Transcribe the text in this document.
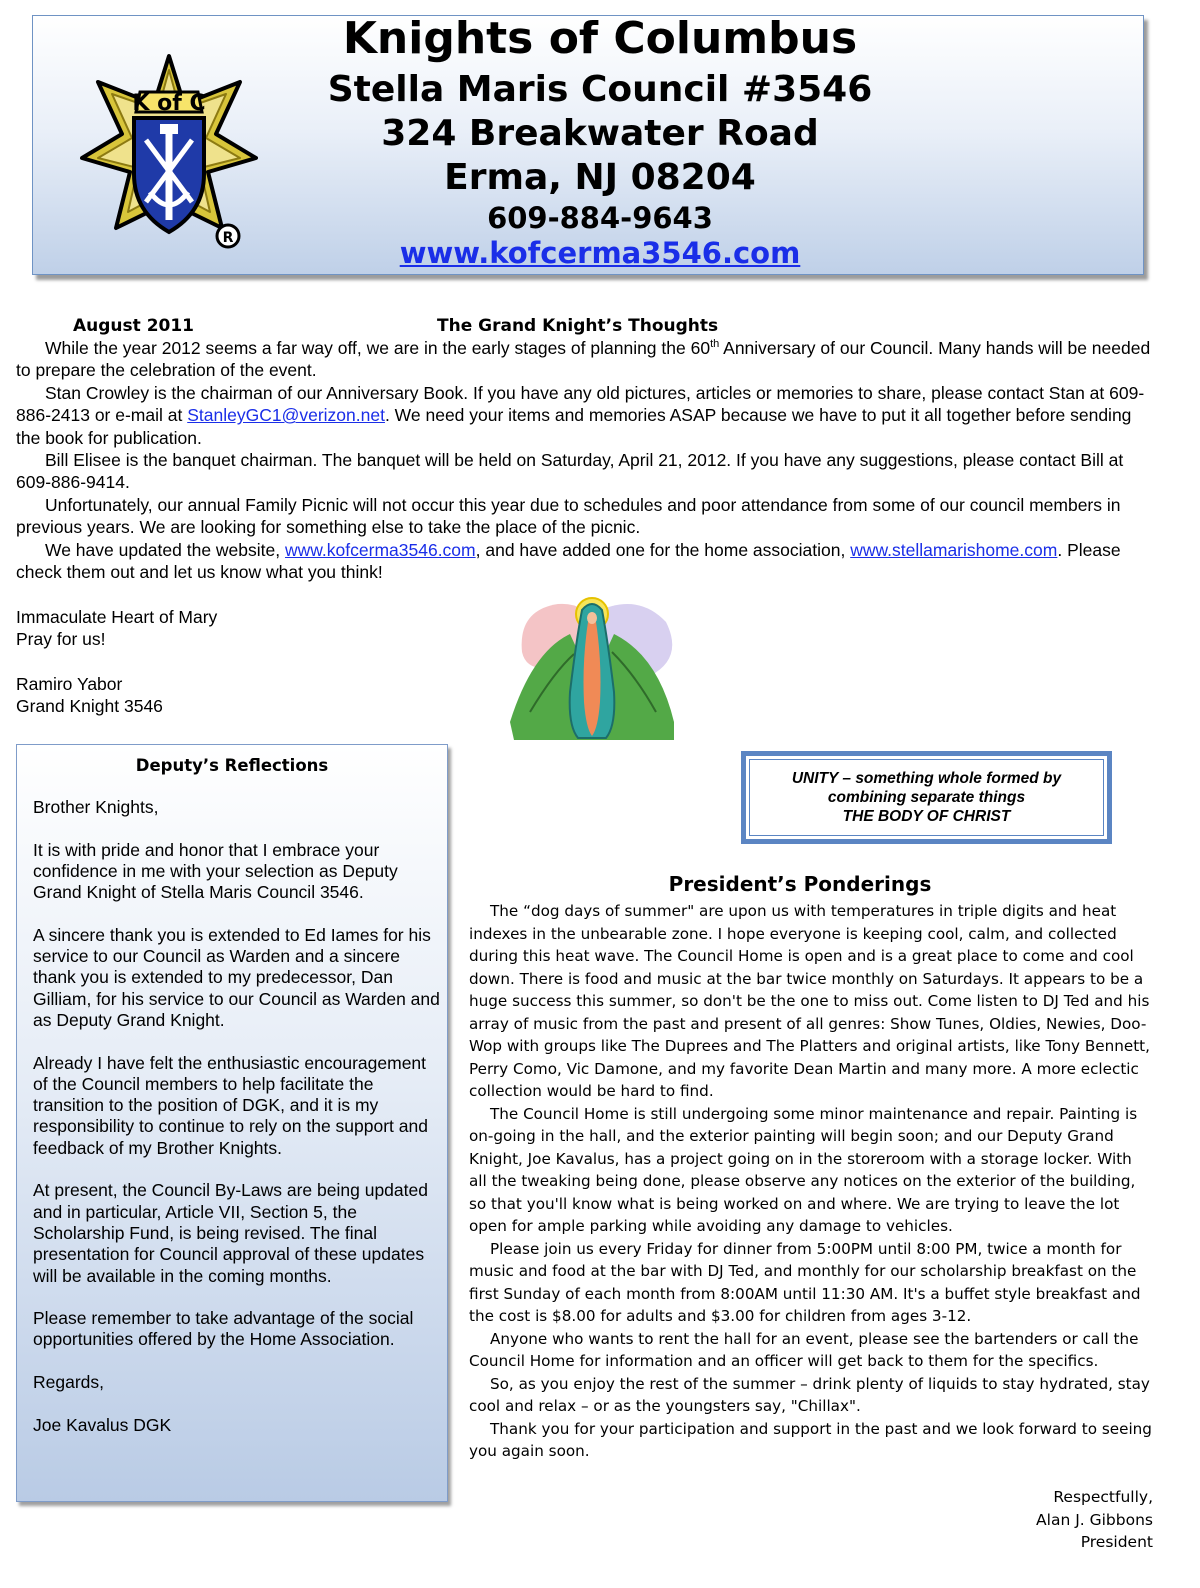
K of C
R
Knights of Columbus
Stella Maris Council #3546
324 Breakwater Road
Erma, NJ 08204
609-884-9643
www.kofcerma3546.com
August 2011	The Grand Knight’s Thoughts

While the year 2012 seems a far way off, we are in the early stages of planning the 60th Anniversary of our Council. Many hands will be needed to prepare the celebration of the event.

Stan Crowley is the chairman of our Anniversary Book. If you have any old pictures, articles or memories to share, please contact Stan at 609-886-2413 or e-mail at StanleyGC1@verizon.net. We need your items and memories ASAP because we have to put it all together before sending the book for publication.

Bill Elisee is the banquet chairman. The banquet will be held on Saturday, April 21, 2012. If you have any suggestions, please contact Bill at 609-886-9414.

Unfortunately, our annual Family Picnic will not occur this year due to schedules and poor attendance from some of our council members in previous years. We are looking for something else to take the place of the picnic.

We have updated the website, www.kofcerma3546.com, and have added one for the home association, www.stellamarishome.com. Please check them out and let us know what you think!

Immaculate Heart of Mary

Pray for us!

Ramiro Yabor

Grand Knight 3546

Deputy’s Reflections

Brother Knights,

It is with pride and honor that I embrace your confidence in me with your selection as Deputy Grand Knight of Stella Maris Council 3546.

A sincere thank you is extended to Ed Iames for his service to our Council as Warden and a sincere thank you is extended to my predecessor, Dan Gilliam, for his service to our Council as Warden and as Deputy Grand Knight.

Already I have felt the enthusiastic encouragement of the Council members to help facilitate the transition to the position of DGK, and it is my responsibility to continue to rely on the support and feedback of my Brother Knights.

At present, the Council By-Laws are being updated and in particular, Article VII, Section 5, the Scholarship Fund, is being revised. The final presentation for Council approval of these updates will be available in the coming months.

Please remember to take advantage of the social opportunities offered by the Home Association.

Regards,

Joe Kavalus DGK

UNITY – something whole formed by
combining separate things
THE BODY OF CHRIST
President’s Ponderings

The “dog days of summer" are upon us with temperatures in triple digits and heat indexes in the unbearable zone. I hope everyone is keeping cool, calm, and collected during this heat wave. The Council Home is open and is a great place to come and cool down. There is food and music at the bar twice monthly on Saturdays. It appears to be a huge success this summer, so don't be the one to miss out. Come listen to DJ Ted and his array of music from the past and present of all genres: Show Tunes, Oldies, Newies, Doo-Wop with groups like The Duprees and The Platters and original artists, like Tony Bennett, Perry Como, Vic Damone, and my favorite Dean Martin and many more. A more eclectic collection would be hard to find.

The Council Home is still undergoing some minor maintenance and repair. Painting is on-going in the hall, and the exterior painting will begin soon; and our Deputy Grand Knight, Joe Kavalus, has a project going on in the storeroom with a storage locker. With all the tweaking being done, please observe any notices on the exterior of the building, so that you'll know what is being worked on and where. We are trying to leave the lot open for ample parking while avoiding any damage to vehicles.

Please join us every Friday for dinner from 5:00PM until 8:00 PM, twice a month for music and food at the bar with DJ Ted, and monthly for our scholarship breakfast on the first Sunday of each month from 8:00AM until 11:30 AM. It's a buffet style breakfast and the cost is $8.00 for adults and $3.00 for children from ages 3-12.

Anyone who wants to rent the hall for an event, please see the bartenders or call the Council Home for information and an officer will get back to them for the specifics.

So, as you enjoy the rest of the summer – drink plenty of liquids to stay hydrated, stay cool and relax – or as the youngsters say, "Chillax".

Thank you for your participation and support in the past and we look forward to seeing you again soon.

Respectfully,
Alan J. Gibbons
President
